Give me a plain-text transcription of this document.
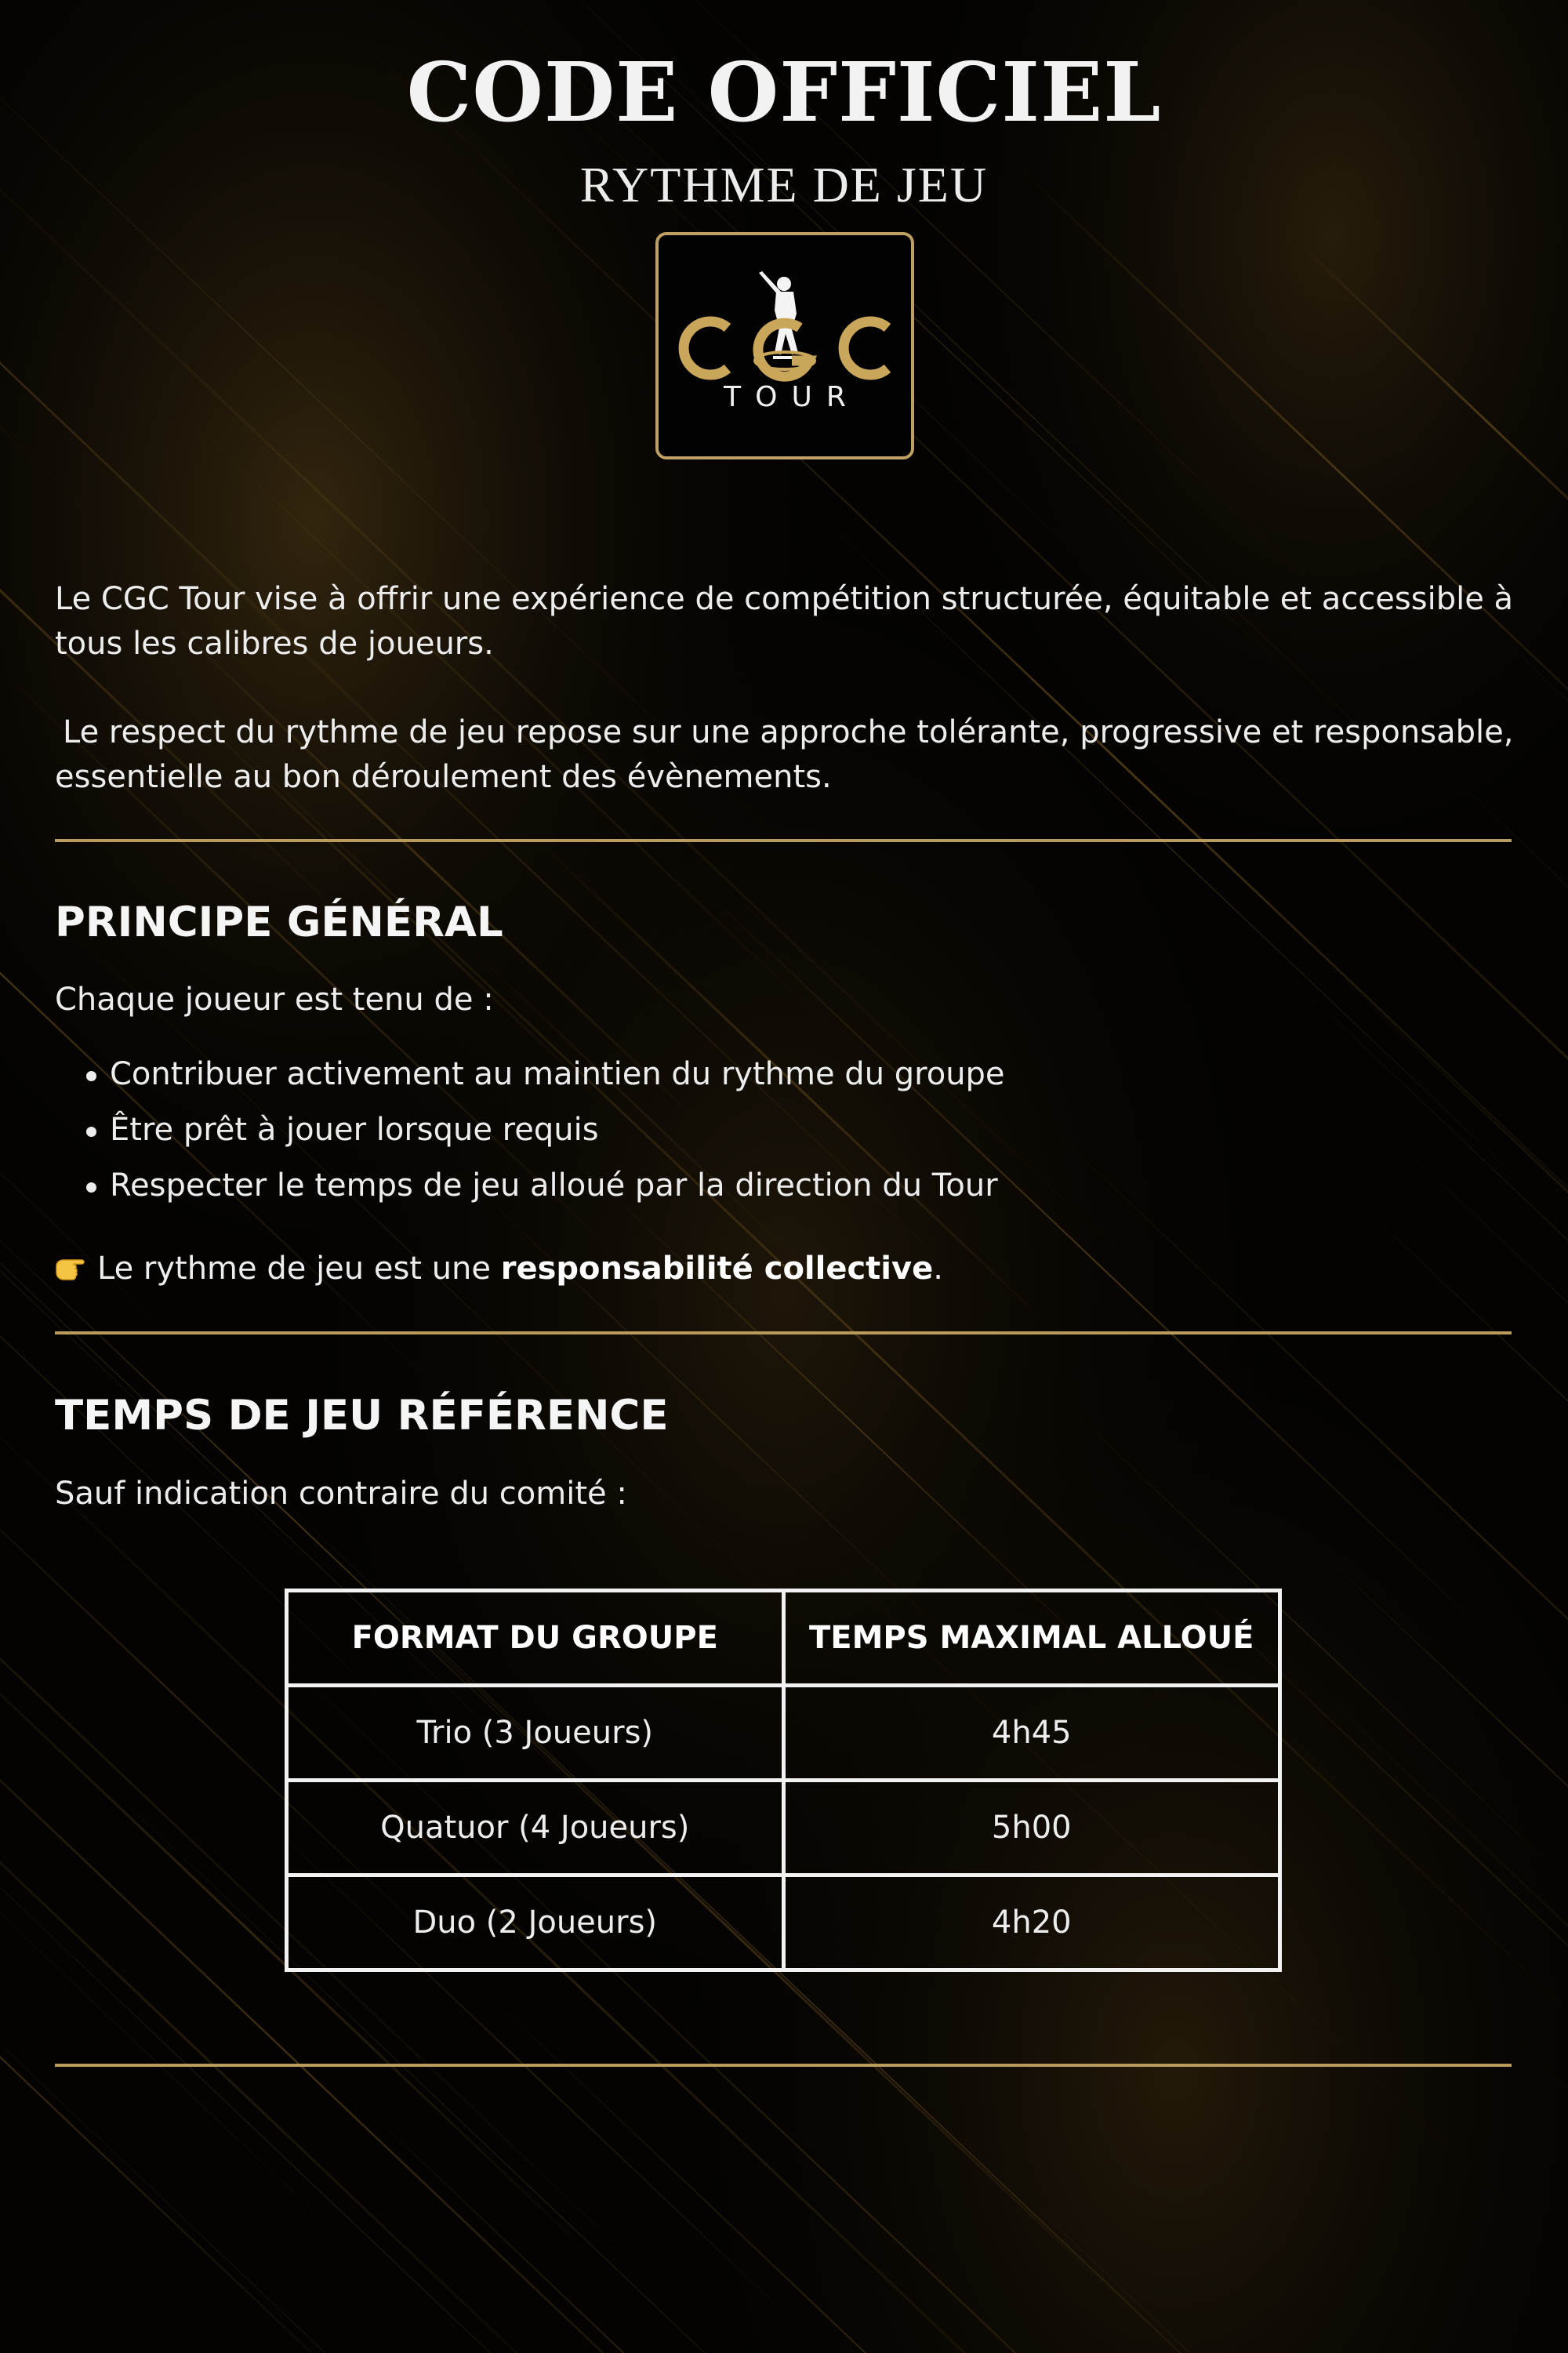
CODE OFFICIEL
RYTHME DE JEU
TOUR

Le CGC Tour vise à offrir une expérience de compétition structurée, équitable et accessible à tous les calibres de joueurs.

Le respect du rythme de jeu repose sur une approche tolérante, progressive et responsable, essentielle au bon déroulement des évènements.

PRINCIPE GÉNÉRAL

Chaque joueur est tenu de :

Contribuer activement au maintien du rythme du groupe
Être prêt à jouer lorsque requis
Respecter le temps de jeu alloué par la direction du Tour
Le rythme de jeu est une responsabilité collective.
TEMPS DE JEU RÉFÉRENCE

Sauf indication contraire du comité :

FORMAT DU GROUPE	TEMPS MAXIMAL ALLOUÉ
Trio (3 Joueurs)	4h45
Quatuor (4 Joueurs)	5h00
Duo (2 Joueurs)	4h20
